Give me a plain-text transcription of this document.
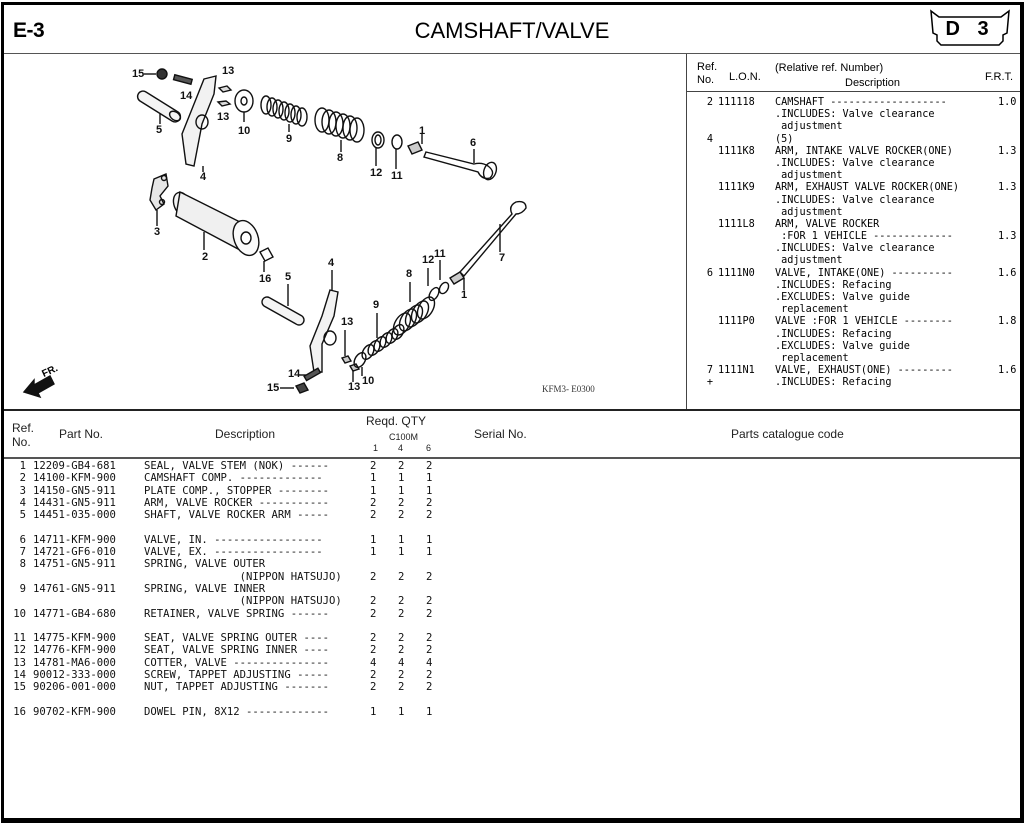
E-3	CAMSHAFT/VALVE	D 3
15	13
14
13
5	10
9
8
1
6
12 11
4
3
2
16 5
4
11
12
8
7
1
9
13
14
15
10
13
FR.
KFM3- E0300
Ref.
No. L.O.N.
(Relative ref. Number)
Description	F.R.T.
2 111118 CAMSHAFT -------------------	1.0
.INCLUDES: Valve clearance
adjustment
4	(5)
1111K8 ARM, INTAKE VALVE ROCKER(ONE)	1.3
.INCLUDES: Valve clearance
adjustment
1111K9 ARM, EXHAUST VALVE ROCKER(ONE)	1.3
.INCLUDES: Valve clearance
adjustment
1111L8 ARM, VALVE ROCKER
:FOR 1 VEHICLE -------------	1.3
.INCLUDES: Valve clearance
adjustment
6 1111N0 VALVE, INTAKE(ONE) ----------	1.6
.INCLUDES: Refacing
.EXCLUDES: Valve guide
replacement
1111P0 VALVE :FOR 1 VEHICLE --------	1.8
.INCLUDES: Refacing
.EXCLUDES: Valve guide
replacement
7 1111N1 VALVE, EXHAUST(ONE) ---------	1.6
+	.INCLUDES: Refacing
Ref.
No.
Part No.	Description
Reqd. QTY
C100M
1 4	6
Serial No.	Parts catalogue code
1 12209-GB4-681	SEAL, VALVE STEM (NOK) ------	2 2 2
2 14100-KFM-900	CAMSHAFT COMP. -------------	1 1 1
3 14150-GN5-911	PLATE COMP., STOPPER --------	1 1 1
4 14431-GN5-911	ARM, VALVE ROCKER -----------	2 2 2
5 14451-035-000	SHAFT, VALVE ROCKER ARM -----	2 2 2
6 14711-KFM-900	VALVE, IN. -----------------	1 1 1
7 14721-GF6-010	VALVE, EX. -----------------	1 1 1
8 14751-GN5-911	SPRING, VALVE OUTER
(NIPPON HATSUJO)	2 2 2
9 14761-GN5-911	SPRING, VALVE INNER
(NIPPON HATSUJO)	2 2 2
10 14771-GB4-680	RETAINER, VALVE SPRING ------	2 2 2
11 14775-KFM-900	SEAT, VALVE SPRING OUTER ----	2 2 2
12 14776-KFM-900	SEAT, VALVE SPRING INNER ----	2 2 2
13 14781-MA6-000	COTTER, VALVE ---------------	4 4 4
14 90012-333-000	SCREW, TAPPET ADJUSTING -----	2 2 2
15 90206-001-000	NUT, TAPPET ADJUSTING -------	2 2 2
16 90702-KFM-900	DOWEL PIN, 8X12 -------------	1 1 1
